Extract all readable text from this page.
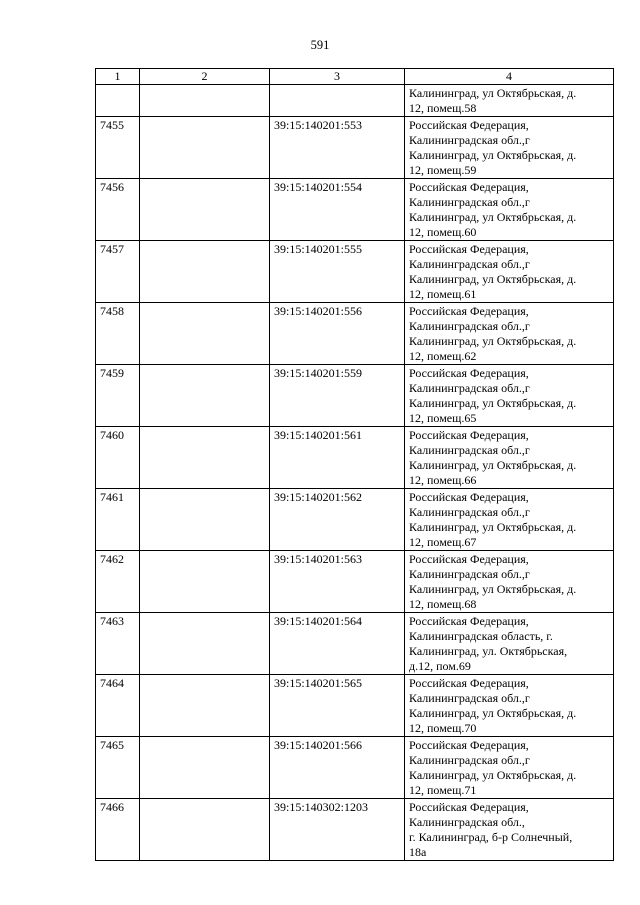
591
1	2	3	4

			Калининград, ул Октябрьская, д.
12, помещ.58

7455		39:15:140201:553	Российская Федерация,
Калининградская обл.,г
Калининград, ул Октябрьская, д.
12, помещ.59

7456		39:15:140201:554	Российская Федерация,
Калининградская обл.,г
Калининград, ул Октябрьская, д.
12, помещ.60

7457		39:15:140201:555	Российская Федерация,
Калининградская обл.,г
Калининград, ул Октябрьская, д.
12, помещ.61

7458		39:15:140201:556	Российская Федерация,
Калининградская обл.,г
Калининград, ул Октябрьская, д.
12, помещ.62

7459		39:15:140201:559	Российская Федерация,
Калининградская обл.,г
Калининград, ул Октябрьская, д.
12, помещ.65

7460		39:15:140201:561	Российская Федерация,
Калининградская обл.,г
Калининград, ул Октябрьская, д.
12, помещ.66

7461		39:15:140201:562	Российская Федерация,
Калининградская обл.,г
Калининград, ул Октябрьская, д.
12, помещ.67

7462		39:15:140201:563	Российская Федерация,
Калининградская обл.,г
Калининград, ул Октябрьская, д.
12, помещ.68

7463		39:15:140201:564	Российская Федерация,
Калининградская область, г.
Калининград, ул. Октябрьская,
д.12, пом.69

7464		39:15:140201:565	Российская Федерация,
Калининградская обл.,г
Калининград, ул Октябрьская, д.
12, помещ.70

7465		39:15:140201:566	Российская Федерация,
Калининградская обл.,г
Калининград, ул Октябрьская, д.
12, помещ.71

7466		39:15:140302:1203	Российская Федерация,
Калининградская обл.,
г. Калининград, б-р Солнечный,
18а
